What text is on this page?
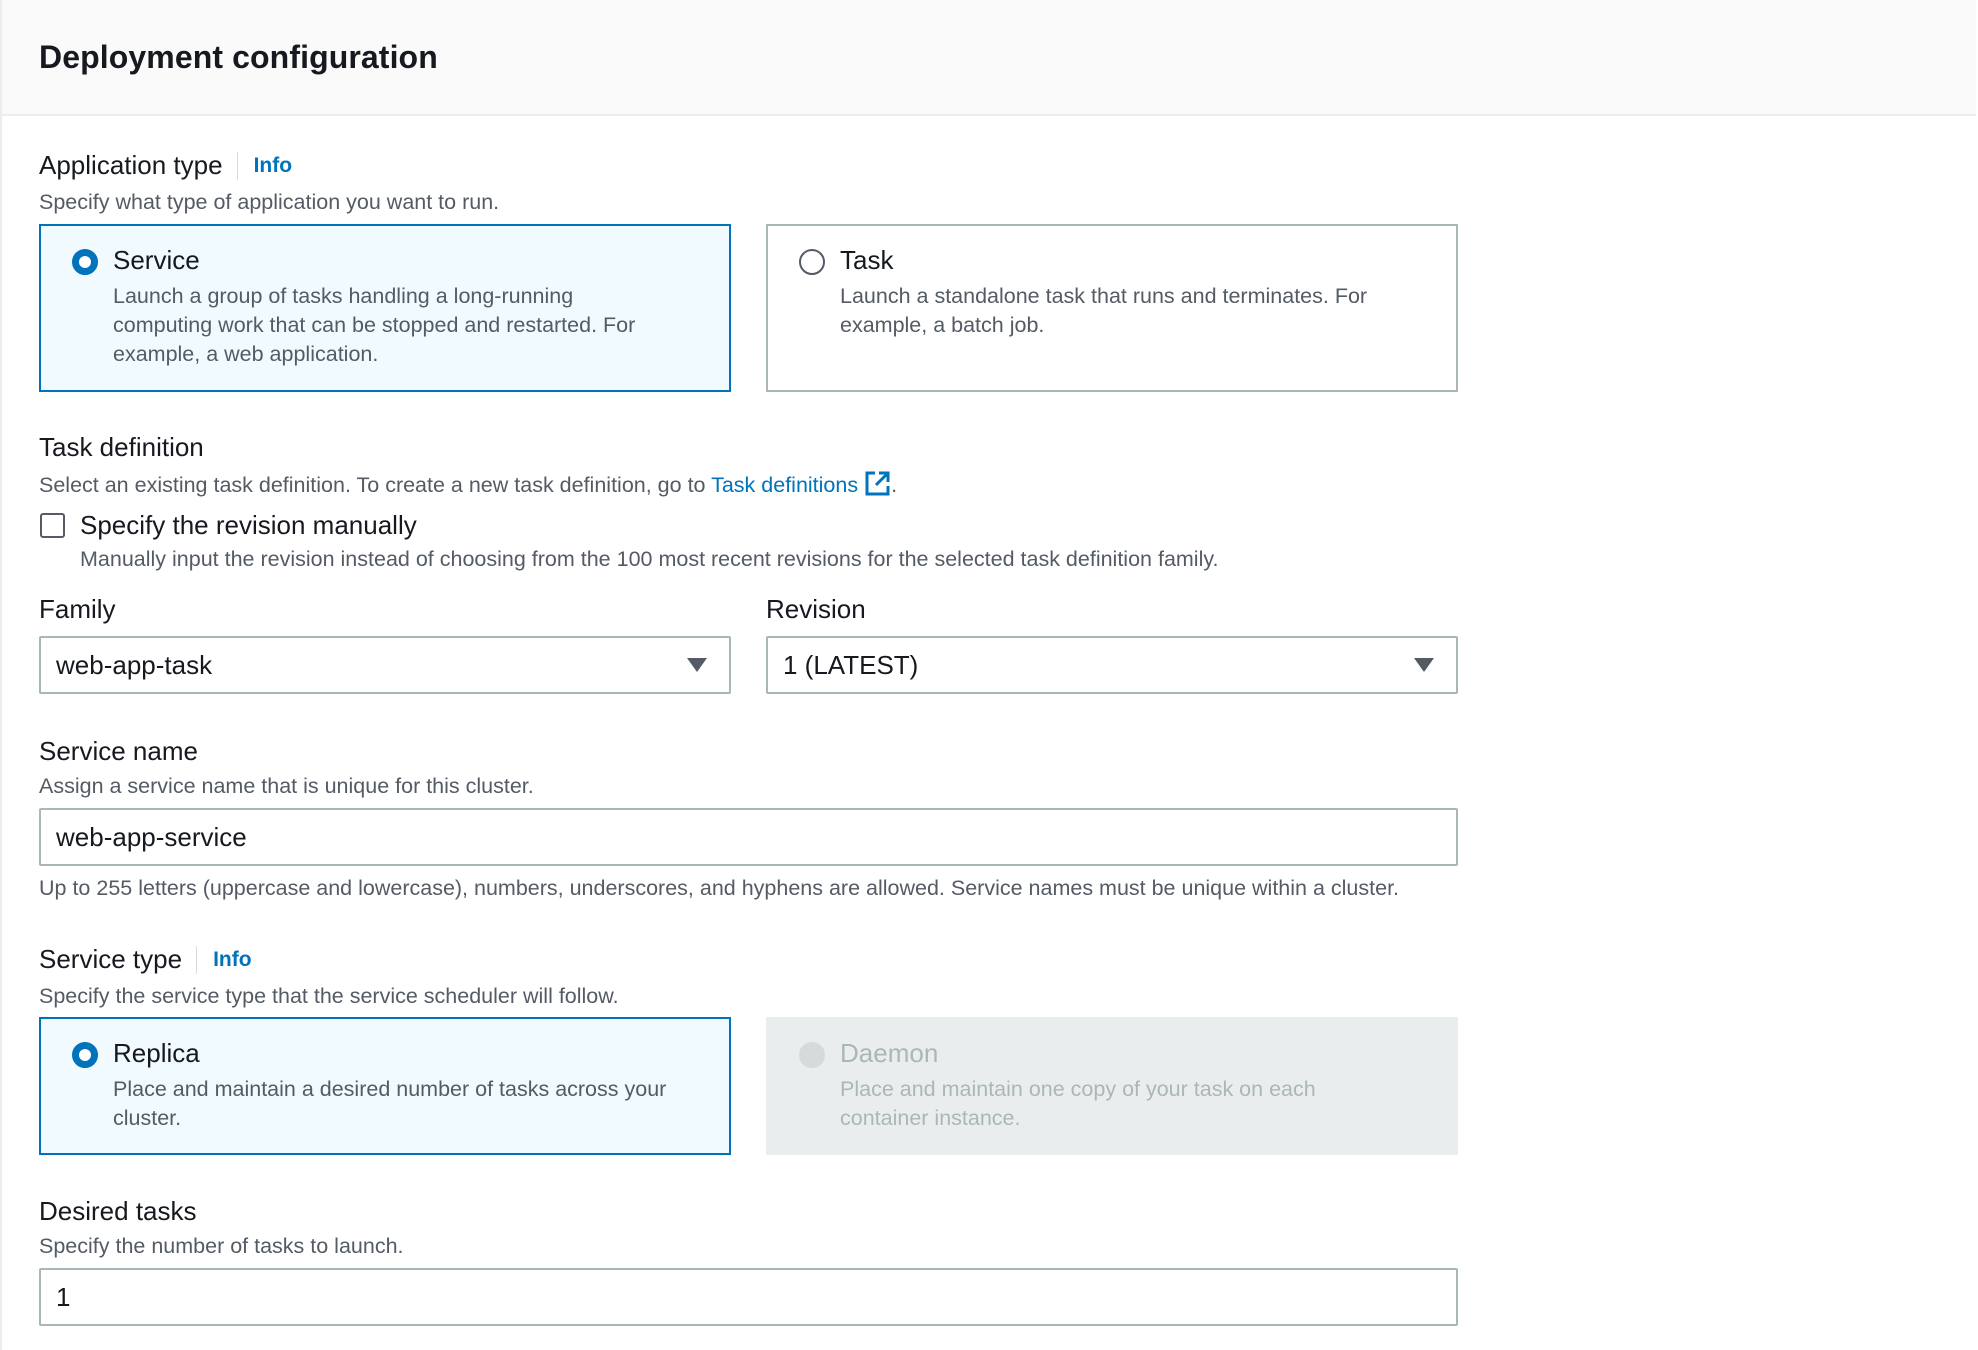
Deployment configuration
Application type Info
Specify what type of application you want to run.
Service
Launch a group of tasks handling a long-running
computing work that can be stopped and restarted. For
example, a web application.
Task
Launch a standalone task that runs and terminates. For
example, a batch job.
Task definition
Select an existing task definition. To create a new task definition, go to Task definitions .
Specify the revision manually
Manually input the revision instead of choosing from the 100 most recent revisions for the selected task definition family.
Family
web-app-task
Revision
1 (LATEST)
Service name
Assign a service name that is unique for this cluster.
web-app-service
Up to 255 letters (uppercase and lowercase), numbers, underscores, and hyphens are allowed. Service names must be unique within a cluster.
Service type Info
Specify the service type that the service scheduler will follow.
Replica
Place and maintain a desired number of tasks across your
cluster.
Daemon
Place and maintain one copy of your task on each
container instance.
Desired tasks
Specify the number of tasks to launch.
1
